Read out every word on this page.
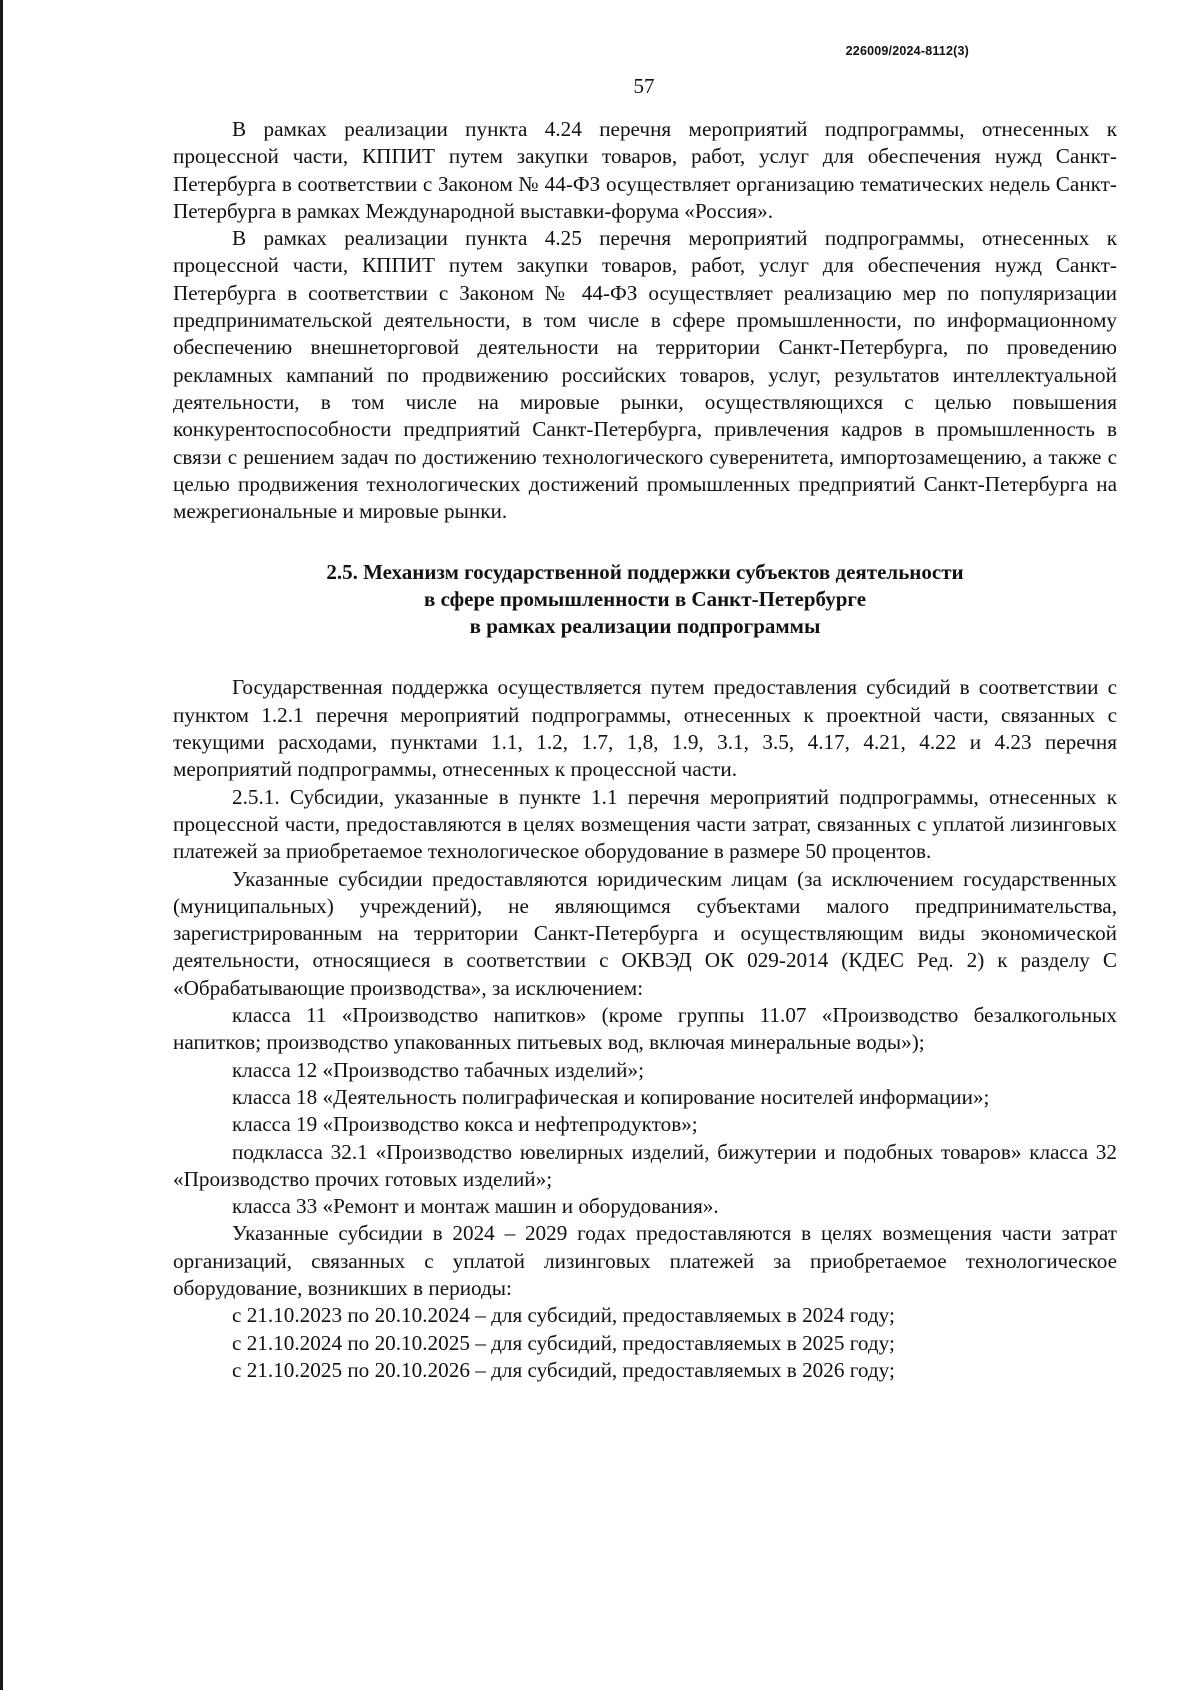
226009/2024-8112(3)
57

В рамках реализации пункта 4.24 перечня мероприятий подпрограммы, отнесенных к процессной части, КППИТ путем закупки товаров, работ, услуг для обеспечения нужд Санкт-Петербурга в соответствии с Законом № 44-ФЗ осуществляет организацию тематических недель Санкт-Петербурга в рамках Международной выставки-форума «Россия».

В рамках реализации пункта 4.25 перечня мероприятий подпрограммы, отнесенных к процессной части, КППИТ путем закупки товаров, работ, услуг для обеспечения нужд Санкт-Петербурга в соответствии с Законом № 44-ФЗ осуществляет реализацию мер по популяризации предпринимательской деятельности, в том числе в сфере промышленности, по информационному обеспечению внешнеторговой деятельности на территории Санкт-Петербурга, по проведению рекламных кампаний по продвижению российских товаров, услуг, результатов интеллектуальной деятельности, в том числе на мировые рынки, осуществляющихся с целью повышения конкурентоспособности предприятий Санкт-Петербурга, привлечения кадров в промышленность в связи с решением задач по достижению технологического суверенитета, импортозамещению, а также с целью продвижения технологических достижений промышленных предприятий Санкт-Петербурга на межрегиональные и мировые рынки.

2.5. Механизм государственной поддержки субъектов деятельности
в сфере промышленности в Санкт-Петербурге
в рамках реализации подпрограммы

Государственная поддержка осуществляется путем предоставления субсидий в соответствии с пунктом 1.2.1 перечня мероприятий подпрограммы, отнесенных к проектной части, связанных с текущими расходами, пунктами 1.1, 1.2, 1.7, 1,8, 1.9, 3.1, 3.5, 4.17, 4.21, 4.22 и 4.23 перечня мероприятий подпрограммы, отнесенных к процессной части.

2.5.1. Субсидии, указанные в пункте 1.1 перечня мероприятий подпрограммы, отнесенных к процессной части, предоставляются в целях возмещения части затрат, связанных с уплатой лизинговых платежей за приобретаемое технологическое оборудование в размере 50 процентов.

Указанные субсидии предоставляются юридическим лицам (за исключением государственных (муниципальных) учреждений), не являющимся субъектами малого предпринимательства, зарегистрированным на территории Санкт-Петербурга и осуществляющим виды экономической деятельности, относящиеся в соответствии с ОКВЭД ОК 029-2014 (КДЕС Ред. 2) к разделу С «Обрабатывающие производства», за исключением:

класса 11 «Производство напитков» (кроме группы 11.07 «Производство безалкогольных напитков; производство упакованных питьевых вод, включая минеральные воды»);

класса 12 «Производство табачных изделий»;

класса 18 «Деятельность полиграфическая и копирование носителей информации»;

класса 19 «Производство кокса и нефтепродуктов»;

подкласса 32.1 «Производство ювелирных изделий, бижутерии и подобных товаров» класса 32 «Производство прочих готовых изделий»;

класса 33 «Ремонт и монтаж машин и оборудования».

Указанные субсидии в 2024 – 2029 годах предоставляются в целях возмещения части затрат организаций, связанных с уплатой лизинговых платежей за приобретаемое технологическое оборудование, возникших в периоды:

с 21.10.2023 по 20.10.2024 – для субсидий, предоставляемых в 2024 году;

с 21.10.2024 по 20.10.2025 – для субсидий, предоставляемых в 2025 году;

с 21.10.2025 по 20.10.2026 – для субсидий, предоставляемых в 2026 году;
